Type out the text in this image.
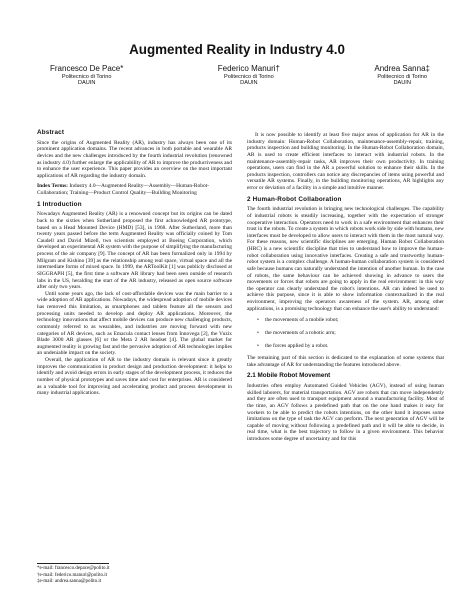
Augmented Reality in Industry 4.0
Francesco De Pace*
Politecnico di Torino
DAUIN
Federico Manuri†
Politecnico di Torino
DAUIN
Andrea Sanna‡
Politecnico di Torino
DAUIN
Abstract

Since the origins of Augmented Reality (AR), industry has always been one of its prominent application domains. The recent advances in both portable and wearable AR devices and the new challenges introduced by the fourth industrial revolution (renowned as industry 4.0) further enlarge the applicability of AR to improve the productiveness and to enhance the user experience. This paper provides an overview on the most important applications of AR regarding the industry domain.

Index Terms: Industry 4.0—Augmented Reality—Assembly—Human-Robot-Collaboration; Training—Product Control Quality—Building Monitoring

1 Introduction

Nowadays Augmented Reality (AR) is a renowned concept but its origins can be dated back to the sixties when Sutherland proposed the first acknowledged AR prototype, based on a Head Mounted Device (HMD) [53], in 1968. After Sutherland, more than twenty years passed before the term Augmented Reality was officially coined by Tom Caudell and David Mizell, two scientists employed at Boeing Corporation, which developed an experimental AR system with the purpose of simplifying the manufacturing process of the air company [9]. The concept of AR has been formalized only in 1994 by Milgram and Kishino [39] as the relationship among real space, virtual space and all the intermediate forms of mixed space. In 1999, the ARToolKit [1] was publicly disclosed at SIGGRAPH [5], the first time a software AR library had been seen outside of research labs in the US, heralding the start of the AR industry, released as open source software after only two years.

Until some years ago, the lack of cost-affordable devices was the main barrier to a wide adoption of AR applications. Nowadays, the widespread adoption of mobile devices has removed this limitation, as smartphones and tablets feature all the sensors and processing units needed to develop and deploy AR applications. Moreover, the technology innovations that affect mobile devices can produce new challenging products, commonly referred to as wearables, and industries are moving forward with new categories of AR devices, such as Emacula contact lenses from Innovega [2], the Vuzix Blade 3000 AR glasses [6] or the Meta 2 AR headset [4]. The global market for augmented reality is growing fast and the pervasive adoption of AR technologies implies an undeniable impact on the society.

Overall, the application of AR to the industry domain is relevant since it greatly improves the communication in product design and production development: it helps to identify and avoid design errors in early stages of the development process, it reduces the number of physical prototypes and saves time and cost for enterprises. AR is considered as a valuable tool for improving and accelerating product and process development in many industrial applications.

*e-mail: francesco.depace@polito.it
†e-mail: federico.manuri@polito.it
‡e-mail: andrea.sanna@polito.it

It is now possible to identify at least five major areas of application for AR in the industry domain: Human-Robot Collaboration, maintenance-assembly-repair, training, products inspection and building monitoring. In the Human-Robot Collaboration domain, AR is used to create efficient interfaces to interact with industrial robots. In the maintenance-assembly-repair tasks, AR improves their own productivity. In training operations, users can find in the AR a powerful solution to enhance their skills. In the products inspection, controllers can notice any discrepancies of items using powerful and versatile AR systems. Finally, in the building monitoring operations, AR highlights any error or deviation of a facility in a simple and intuitive manner.

2 Human-Robot Collaboration

The fourth industrial revolution is bringing new technological challenges. The capability of industrial robots is steadily increasing, together with the expectation of stronger cooperative interaction. Operators need to work in a safe environment that enhances their trust in the robots. To create a system in which robots work side by side with humans, new interfaces must be developed to allow users to interact with them in the most natural way. For these reasons, new scientific disciplines are emerging. Human Robot Collaboration (HRC) is a new scientific discipline that tries to understand how to improve the human-robot collaboration using innovative interfaces. Creating a safe and trustworthy human-robot system is a complex challenge. A human-human collaboration system is considered safe because humans can naturally understand the intention of another human. In the case of robots, the same behaviour can be achieved showing in advance to users the movements or forces that robots are going to apply in the real environment: in this way the operator can clearly understand the robot's intentions. AR can indeed be used to achieve this purpose, since it is able to show information contextualized in the real environment, improving the operators awareness of the system. AR, among other applications, is a promising technology that can enhance the user's ability to understand:

• the movements of a mobile robot;
• the movements of a robotic arm;
• the forces applied by a robot.

The remaining part of this section is dedicated to the explanation of some systems that take advantage of AR for understanding the features introduced above.

2.1 Mobile Robot Movement

Industries often employ Automated Guided Vehicles (AGV), instead of using human skilled laborers, for material transportation. AGV are robots that can move independently and they are often used to transport equipment around a manufacturing facility. Most of the time, an AGV follows a predefined path that on the one hand makes it easy for workers to be able to predict the robots intentions, on the other hand it imposes some limitations on the type of task the AGV can perform. The next generation of AGV will be capable of moving without following a predefined path and it will be able to decide, in real time, what is the best trajectory to follow in a given environment. This behavior introduces some degree of uncertainty and for this
